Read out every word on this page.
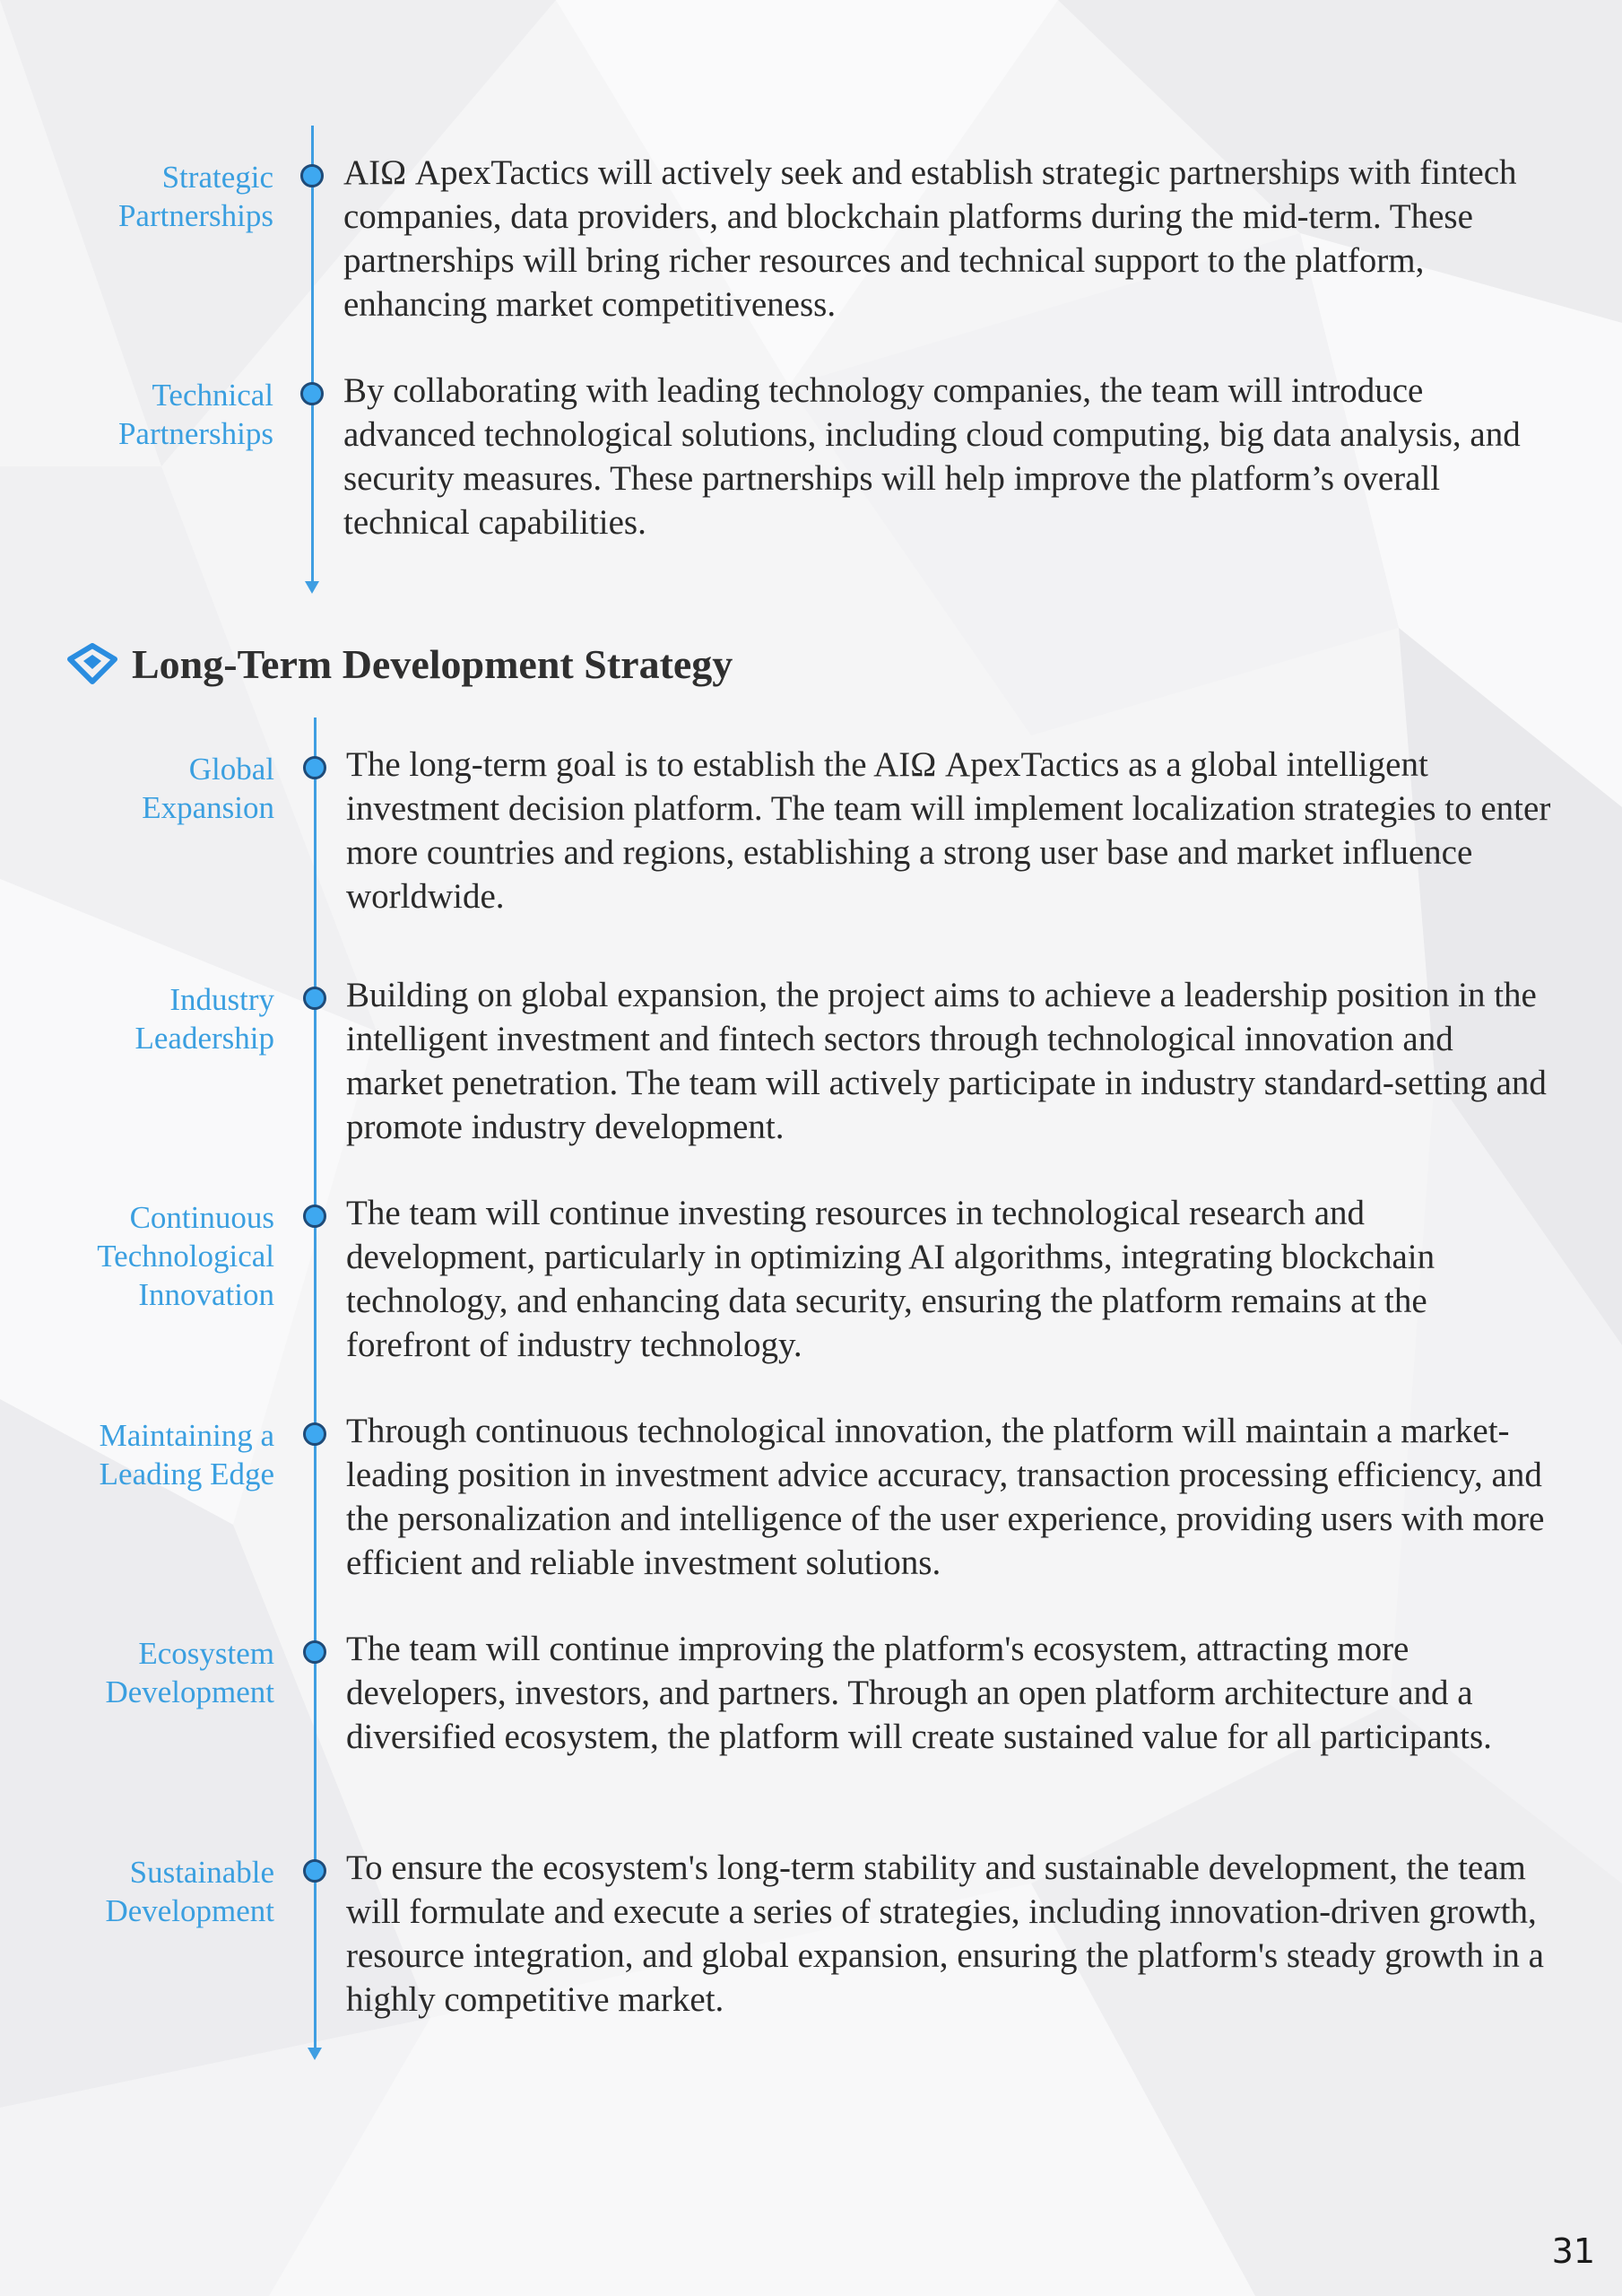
Strategic
Partnerships
AIΩ ApexTactics will actively seek and establish strategic partnerships with fintech companies, data providers, and blockchain platforms during the mid-term. These partnerships will bring richer resources and technical support to the platform, enhancing market competitiveness.
Technical
Partnerships
By collaborating with leading technology companies, the team will introduce advanced technological solutions, including cloud computing, big data analysis, and security measures. These partnerships will help improve the platform’s overall technical capabilities.
Long-Term Development Strategy
Global
Expansion
The long-term goal is to establish the AIΩ ApexTactics as a global intelligent investment decision platform. The team will implement localization strategies to enter more countries and regions, establishing a strong user base and market influence worldwide.
Industry
Leadership
Building on global expansion, the project aims to achieve a leadership position in the intelligent investment and fintech sectors through technological innovation and market penetration. The team will actively participate in industry standard-setting and promote industry development.
Continuous
Technological
Innovation
The team will continue investing resources in technological research and development, particularly in optimizing AI algorithms, integrating blockchain technology, and enhancing data security, ensuring the platform remains at the forefront of industry technology.
Maintaining a
Leading Edge
Through continuous technological innovation, the platform will maintain a market-leading position in investment advice accuracy, transaction processing efficiency, and the personalization and intelligence of the user experience, providing users with more efficient and reliable investment solutions.
Ecosystem
Development
The team will continue improving the platform's ecosystem, attracting more developers, investors, and partners. Through an open platform architecture and a diversified ecosystem, the platform will create sustained value for all participants.
Sustainable
Development
To ensure the ecosystem's long-term stability and sustainable development, the team will formulate and execute a series of strategies, including innovation-driven growth, resource integration, and global expansion, ensuring the platform's steady growth in a highly competitive market.
31
